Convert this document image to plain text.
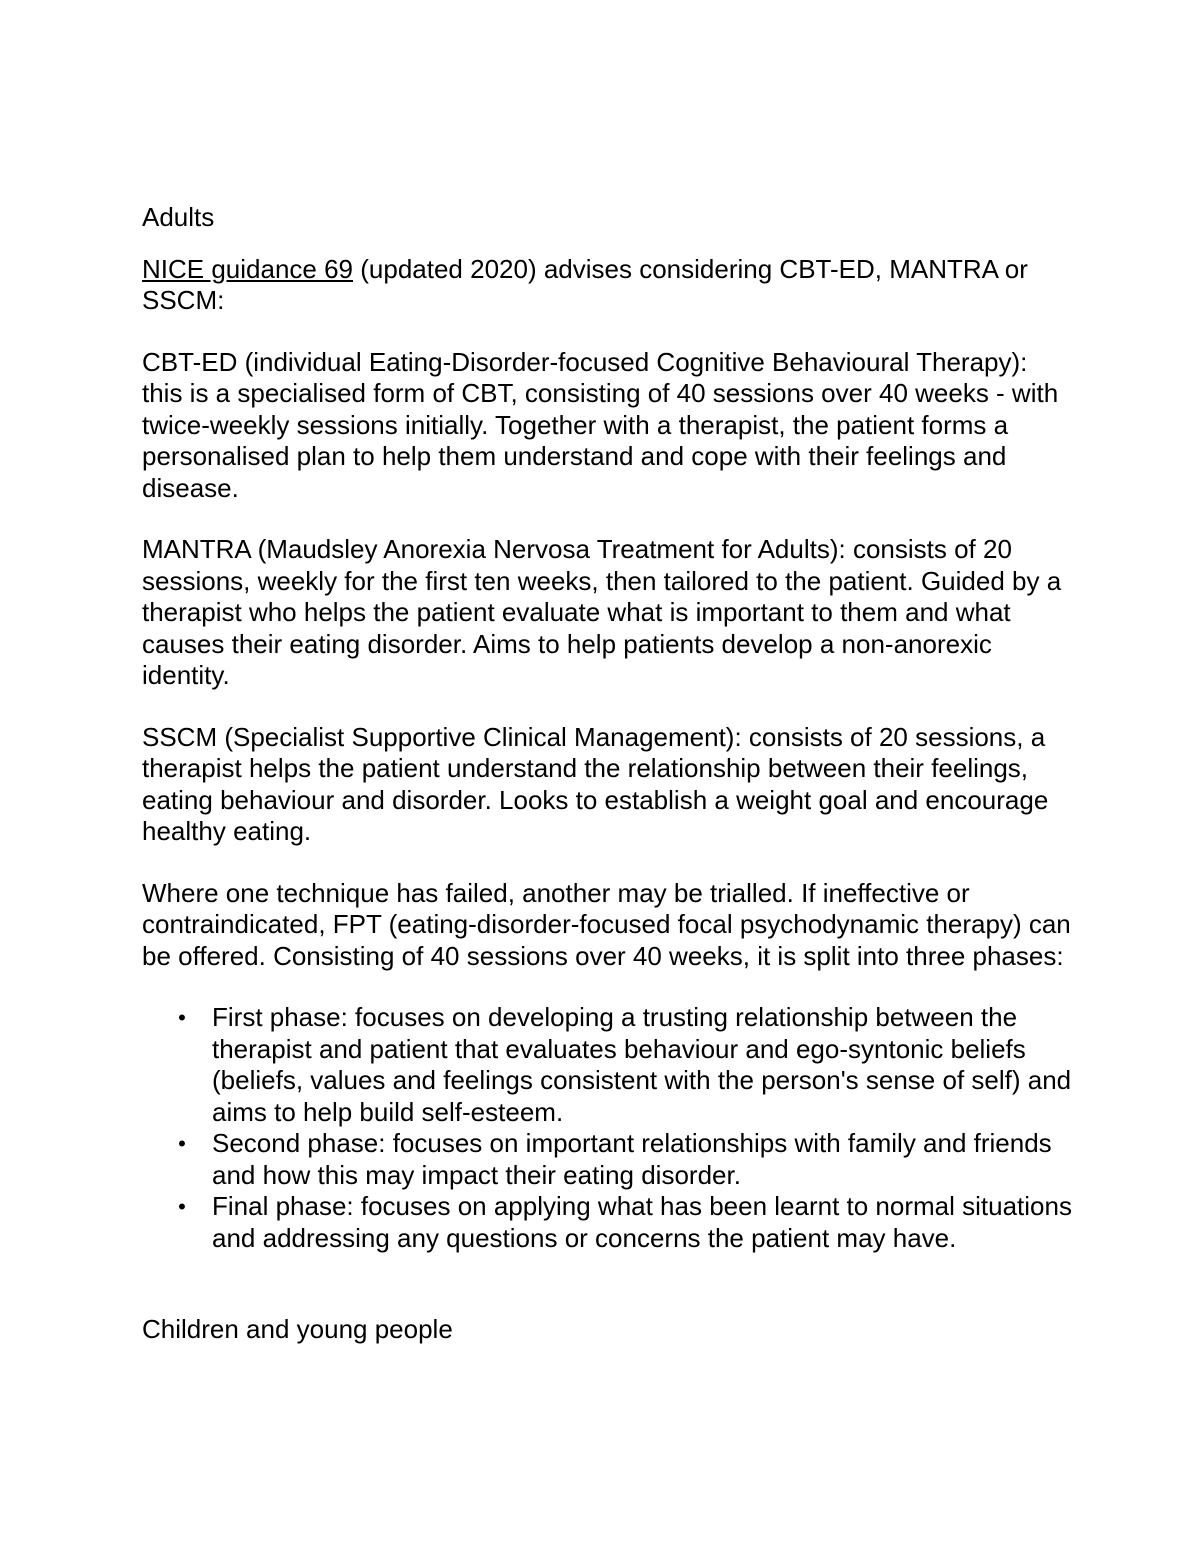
Adults

NICE guidance 69 (updated 2020) advises considering CBT-ED, MANTRA or SSCM:

CBT-ED (individual Eating-Disorder-focused Cognitive Behavioural Therapy): this is a specialised form of CBT, consisting of 40 sessions over 40 weeks - with twice-weekly sessions initially. Together with a therapist, the patient forms a personalised plan to help them understand and cope with their feelings and disease.

MANTRA (Maudsley Anorexia Nervosa Treatment for Adults): consists of 20 sessions, weekly for the first ten weeks, then tailored to the patient. Guided by a therapist who helps the patient evaluate what is important to them and what causes their eating disorder. Aims to help patients develop a non-anorexic identity.

SSCM (Specialist Supportive Clinical Management): consists of 20 sessions, a therapist helps the patient understand the relationship between their feelings, eating behaviour and disorder. Looks to establish a weight goal and encourage healthy eating.

Where one technique has failed, another may be trialled. If ineffective or contraindicated, FPT (eating-disorder-focused focal psychodynamic therapy) can be offered. Consisting of 40 sessions over 40 weeks, it is split into three phases:

• First phase: focuses on developing a trusting relationship between the therapist and patient that evaluates behaviour and ego-syntonic beliefs (beliefs, values and feelings consistent with the person's sense of self) and aims to help build self-esteem.
• Second phase: focuses on important relationships with family and friends and how this may impact their eating disorder.
• Final phase: focuses on applying what has been learnt to normal situations and addressing any questions or concerns the patient may have.

Children and young people
